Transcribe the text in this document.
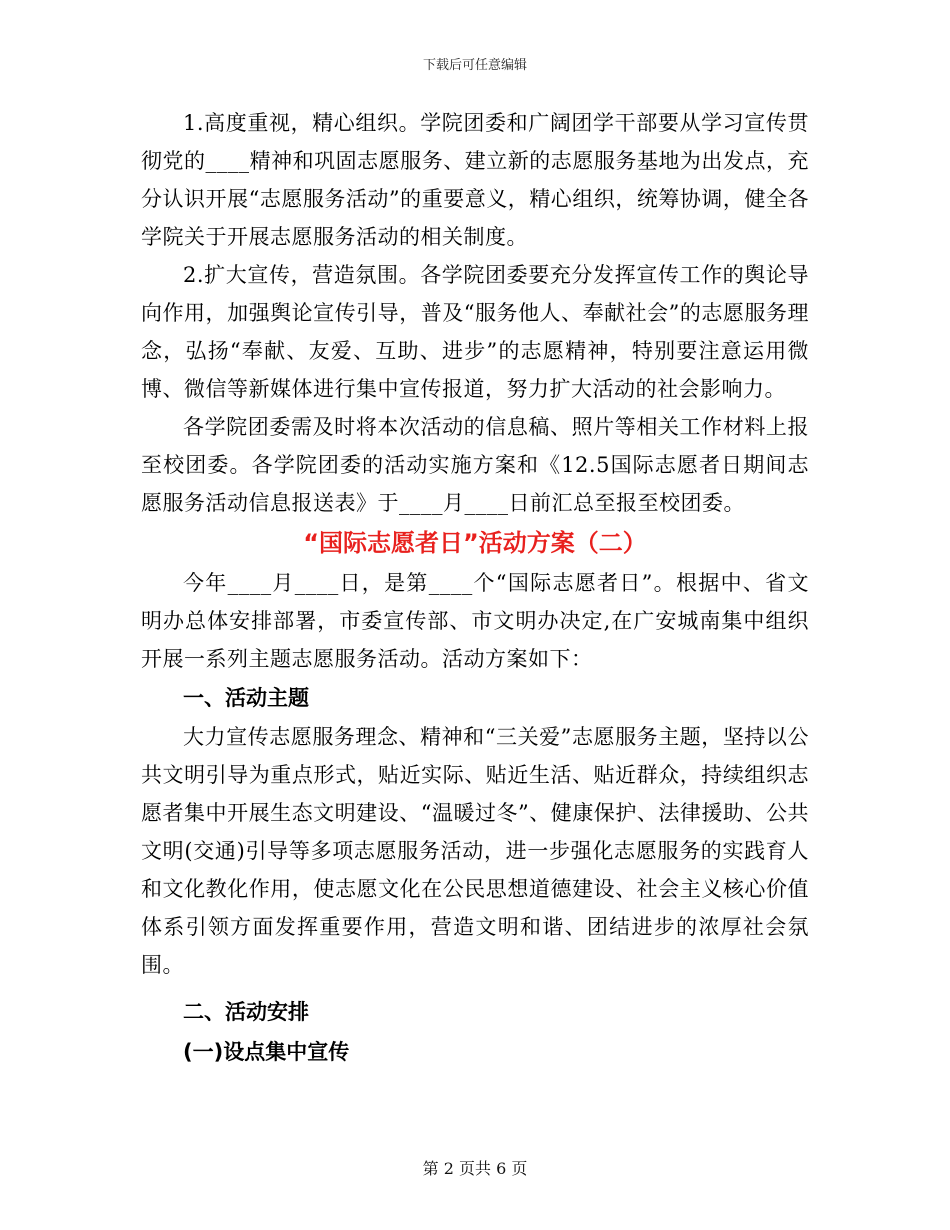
下载后可任意编辑

1.高度重视，精心组织。学院团委和广阔团学干部要从学习宣传贯彻党的____精神和巩固志愿服务、建立新的志愿服务基地为出发点，充分认识开展“志愿服务活动”的重要意义，精心组织，统筹协调，健全各学院关于开展志愿服务活动的相关制度。

2.扩大宣传，营造氛围。各学院团委要充分发挥宣传工作的舆论导向作用，加强舆论宣传引导，普及“服务他人、奉献社会”的志愿服务理念，弘扬“奉献、友爱、互助、进步”的志愿精神，特别要注意运用微博、微信等新媒体进行集中宣传报道，努力扩大活动的社会影响力。

各学院团委需及时将本次活动的信息稿、照片等相关工作材料上报至校团委。各学院团委的活动实施方案和《12.5国际志愿者日期间志愿服务活动信息报送表》于____月____日前汇总至报至校团委。

“国际志愿者日”活动方案（二）

今年____月____日，是第____个“国际志愿者日”。根据中、省文明办总体安排部署，市委宣传部、市文明办决定,在广安城南集中组织开展一系列主题志愿服务活动。活动方案如下：

一、活动主题

大力宣传志愿服务理念、精神和“三关爱”志愿服务主题，坚持以公共文明引导为重点形式，贴近实际、贴近生活、贴近群众，持续组织志愿者集中开展生态文明建设、“温暖过冬”、健康保护、法律援助、公共文明(交通)引导等多项志愿服务活动，进一步强化志愿服务的实践育人和文化教化作用，使志愿文化在公民思想道德建设、社会主义核心价值体系引领方面发挥重要作用，营造文明和谐、团结进步的浓厚社会氛围。

二、活动安排
(一)设点集中宣传
第 2 页共 6 页
